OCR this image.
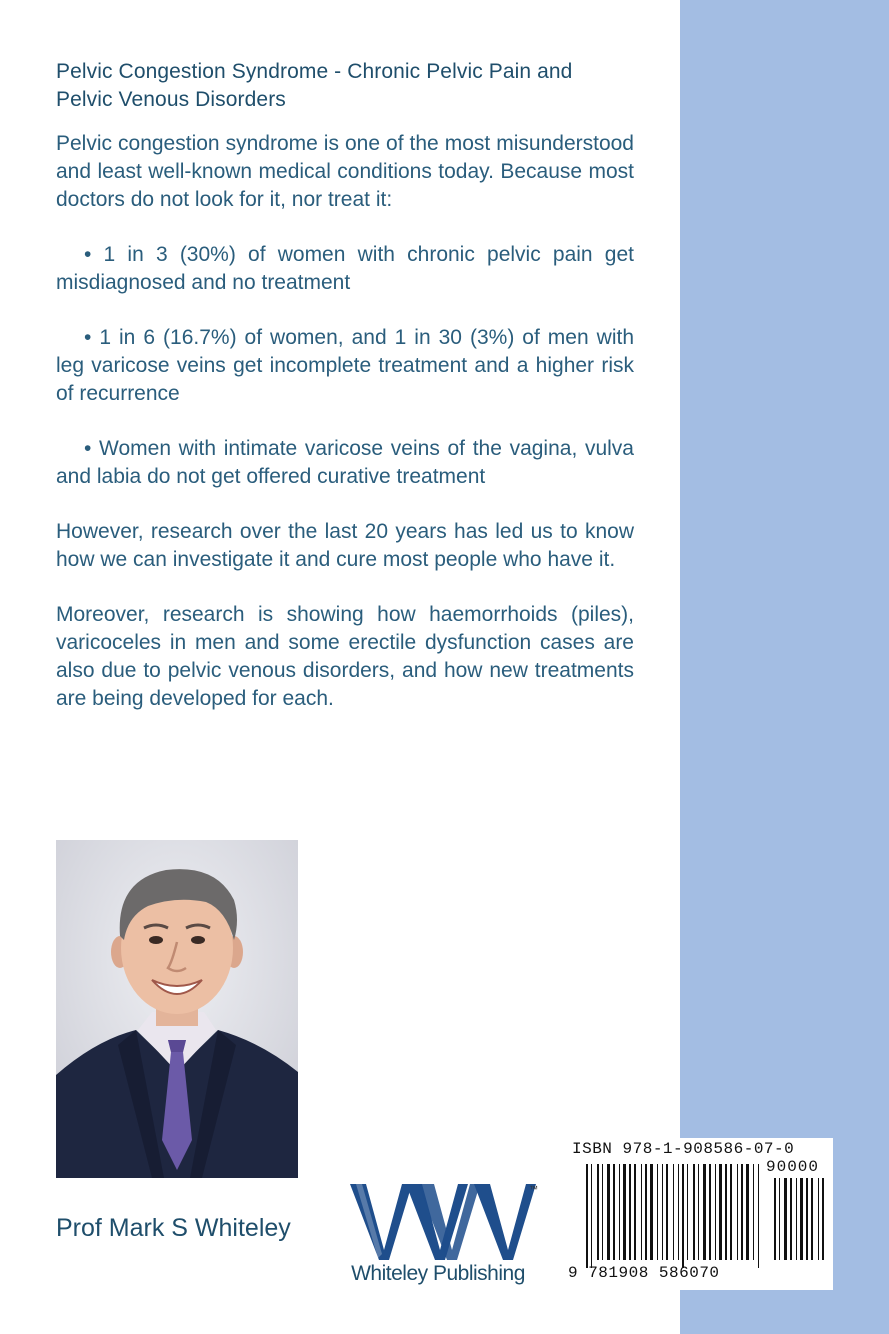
Pelvic Congestion Syndrome - Chronic Pelvic Pain and Pelvic Venous Disorders

Pelvic congestion syndrome is one of the most misunderstood and least well-known medical conditions today. Because most doctors do not look for it, nor treat it:

• 1 in 3 (30%) of women with chronic pelvic pain get misdiagnosed and no treatment

• 1 in 6 (16.7%) of women, and 1 in 30 (3%) of men with leg varicose veins get incomplete treatment and a higher risk of recurrence

• Women with intimate varicose veins of the vagina, vulva and labia do not get offered curative treatment

However, research over the last 20 years has led us to know how we can investigate it and cure most people who have it.

Moreover, research is showing how haemorrhoids (piles), varicoceles in men and some erectile dysfunction cases are also due to pelvic venous disorders, and how new treatments are being developed for each.

Prof Mark S Whiteley
™
Whiteley Publishing
ISBN 978-1-908586-07-0
90000
9 781908 586070
